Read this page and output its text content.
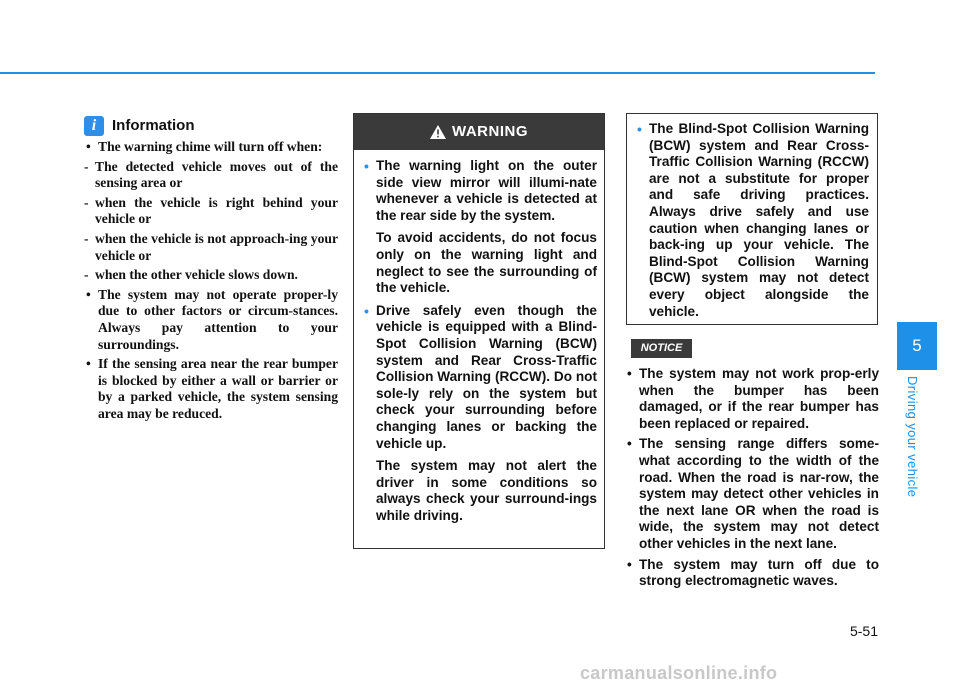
i	Information
• The warning chime will turn off when:
- The detected vehicle moves out of the sensing area or
- when the vehicle is right behind your vehicle or
- when the vehicle is not approach-ing your vehicle or
- when the other vehicle slows down.
• The system may not operate proper-ly due to other factors or circum-stances. Always pay attention to your surroundings.
• If the sensing area near the rear bumper is blocked by either a wall or barrier or by a parked vehicle, the system sensing area may be reduced.
WARNING

• The warning light on the outer side view mirror will illumi-nate whenever a vehicle is detected at the rear side by the system.

To avoid accidents, do not focus only on the warning light and neglect to see the surrounding of the vehicle.

• Drive safely even though the vehicle is equipped with a Blind-Spot Collision Warning (BCW) system and Rear Cross-Traffic Collision Warning (RCCW). Do not sole-ly rely on the system but check your surrounding before changing lanes or backing the vehicle up.

The system may not alert the driver in some conditions so always check your surround-ings while driving.

• The Blind-Spot Collision Warning (BCW) system and Rear Cross-Traffic Collision Warning (RCCW) are not a substitute for proper and safe driving practices. Always drive safely and use caution when changing lanes or back-ing up your vehicle. The Blind-Spot Collision Warning (BCW) system may not detect every object alongside the vehicle.

NOTICE
• The system may not work prop-erly when the bumper has been damaged, or if the rear bumper has been replaced or repaired.
• The sensing range differs some-what according to the width of the road. When the road is nar-row, the system may detect other vehicles in the next lane OR when the road is wide, the system may not detect other vehicles in the next lane.
• The system may turn off due to strong electromagnetic waves.
5
Driving your vehicle
5-51
carmanualsonline.info
